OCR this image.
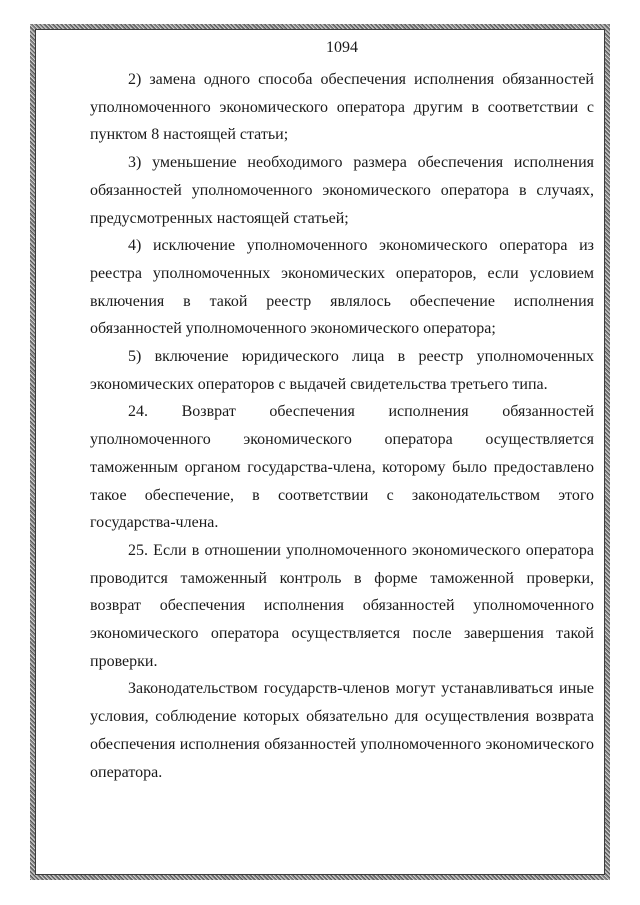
1094

2) замена одного способа обеспечения исполнения обязанностей уполномоченного экономического оператора другим в соответствии с пунктом 8 настоящей статьи;

3) уменьшение необходимого размера обеспечения исполнения обязанностей уполномоченного экономического оператора в случаях, предусмотренных настоящей статьей;

4) исключение уполномоченного экономического оператора из реестра уполномоченных экономических операторов, если условием включения в такой реестр являлось обеспечение исполнения обязанностей уполномоченного экономического оператора;

5) включение юридического лица в реестр уполномоченных экономических операторов с выдачей свидетельства третьего типа.

24. Возврат обеспечения исполнения обязанностей уполномоченного экономического оператора осуществляется таможенным органом государства-члена, которому было предоставлено такое обеспечение, в соответствии с законодательством этого государства-члена.

25. Если в отношении уполномоченного экономического оператора проводится таможенный контроль в форме таможенной проверки, возврат обеспечения исполнения обязанностей уполномоченного экономического оператора осуществляется после завершения такой проверки.

Законодательством государств-членов могут устанавливаться иные условия, соблюдение которых обязательно для осуществления возврата обеспечения исполнения обязанностей уполномоченного экономического оператора.
